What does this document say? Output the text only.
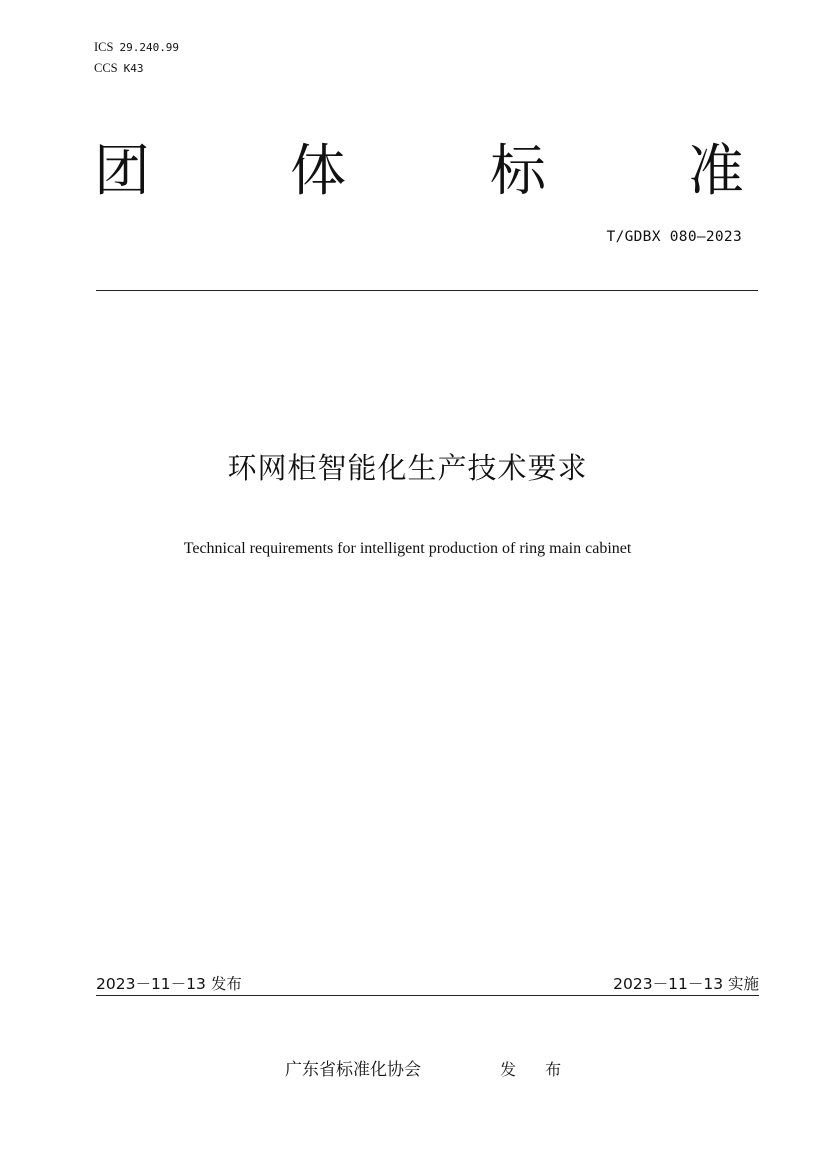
ICS 29.240.99
CCS K43
团	体	标	准
T/GDBX 080—2023
环网柜智能化生产技术要求
Technical requirements for intelligent production of ring main cabinet
2023－11－13 发布	2023－11－13 实施
广东省标准化协会	发 布
